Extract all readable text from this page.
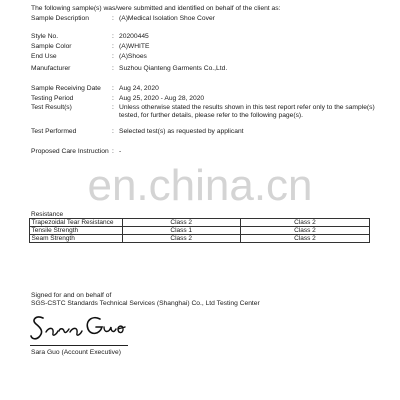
The following sample(s) was/were submitted and identified on behalf of the client as:
Sample Description	: (A)Medical Isolation Shoe Cover
Style No.	: 20200445
Sample Color	: (A)WHITE
End Use	: (A)Shoes
Manufacturer	: Suzhou Qianteng Garments Co.,Ltd.
Sample Receiving Date : Aug 24, 2020
Testing Period	: Aug 25, 2020 - Aug 28, 2020
Test Result(s)	: Unless otherwise stated the results shown in this test report refer only to the sample(s) tested, for further details, please refer to the following page(s).
Test Performed	: Selected test(s) as requested by applicant
Proposed Care Instruction : -
en.china.cn

Resistance		
Trapezoidal Tear Resistance	Class 2	Class 2
Tensile Strength	Class 1	Class 2
Seam Strength	Class 2	Class 2
Signed for and on behalf of
SGS-CSTC Standards Technical Services (Shanghai) Co., Ltd Testing Center
Sara Guo (Account Executive)
